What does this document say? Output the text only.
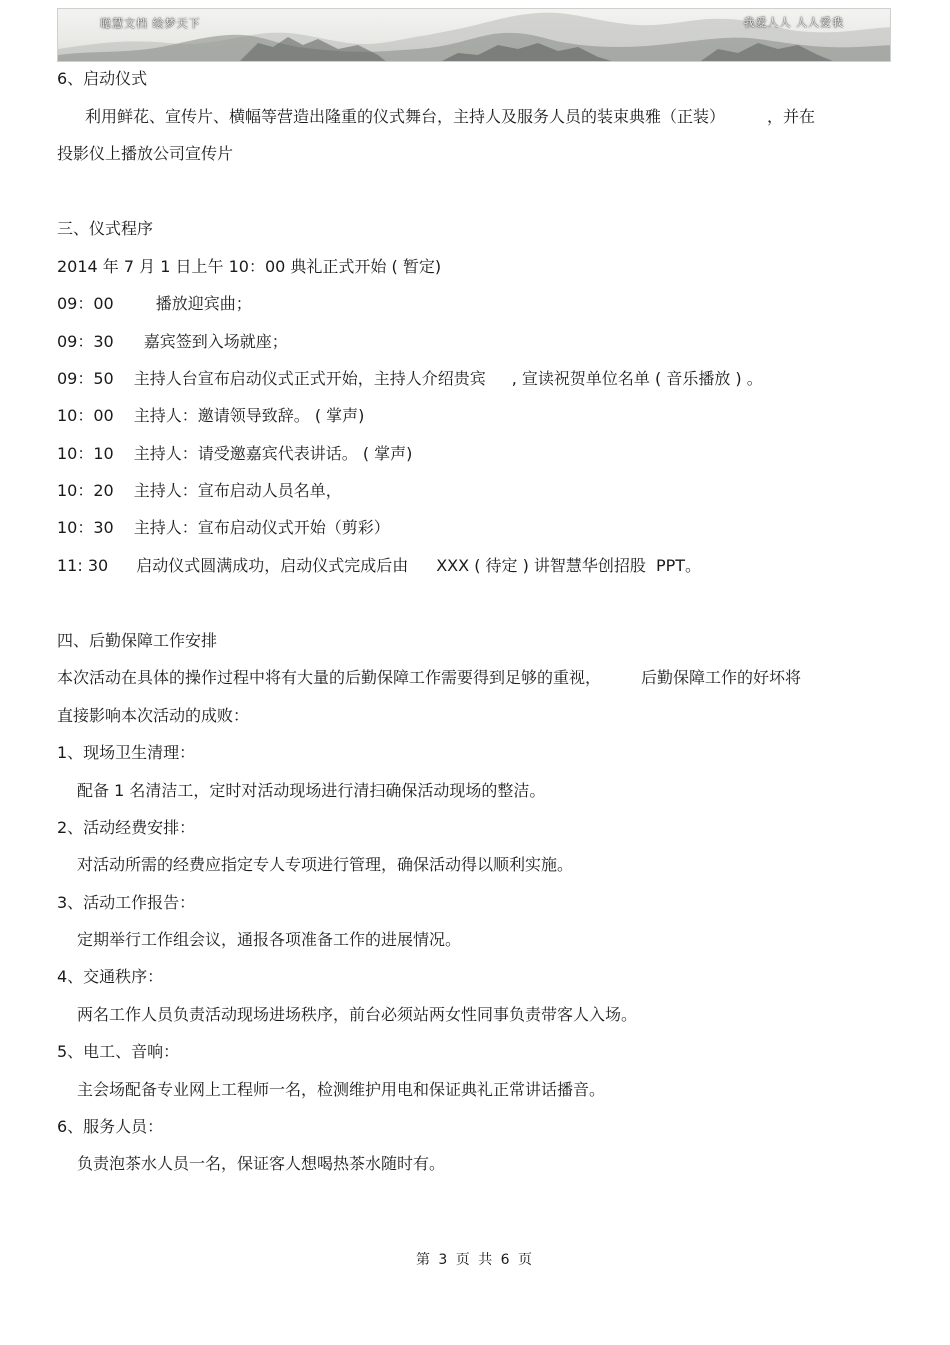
聪慧文档 绘梦天下	我爱人人 人人爱我
6、启动仪式
利用鲜花、宣传片、横幅等营造出隆重的仪式舞台，主持人及服务人员的装束典雅（正装）	，并在
投影仪上播放公司宣传片
三、仪式程序
2014 年 7 月 1 日上午 10：00 典礼正式开始 ( 暂定)
09：00	播放迎宾曲；
09：30 嘉宾签到入场就座；
09：50 主持人台宣布启动仪式正式开始，主持人介绍贵宾 , 宣读祝贺单位名单 ( 音乐播放 ) 。
10：00 主持人：邀请领导致辞。 ( 掌声)
10：10 主持人：请受邀嘉宾代表讲话。 ( 掌声)
10：20 主持人：宣布启动人员名单，
10：30 主持人：宣布启动仪式开始（剪彩）
11: 30 启动仪式圆满成功，启动仪式完成后由 XXX ( 待定 ) 讲智慧华创招股 PPT。
四、后勤保障工作安排
本次活动在具体的操作过程中将有大量的后勤保障工作需要得到足够的重视，	后勤保障工作的好坏将
直接影响本次活动的成败：
1、现场卫生清理：
配备 1 名清洁工，定时对活动现场进行清扫确保活动现场的整洁。
2、活动经费安排：
对活动所需的经费应指定专人专项进行管理，确保活动得以顺利实施。
3、活动工作报告：
定期举行工作组会议，通报各项准备工作的进展情况。
4、交通秩序：
两名工作人员负责活动现场进场秩序，前台必须站两女性同事负责带客人入场。
5、电工、音响：
主会场配备专业网上工程师一名，检测维护用电和保证典礼正常讲话播音。
6、服务人员：
负责泡茶水人员一名，保证客人想喝热茶水随时有。
第 3 页 共 6 页
